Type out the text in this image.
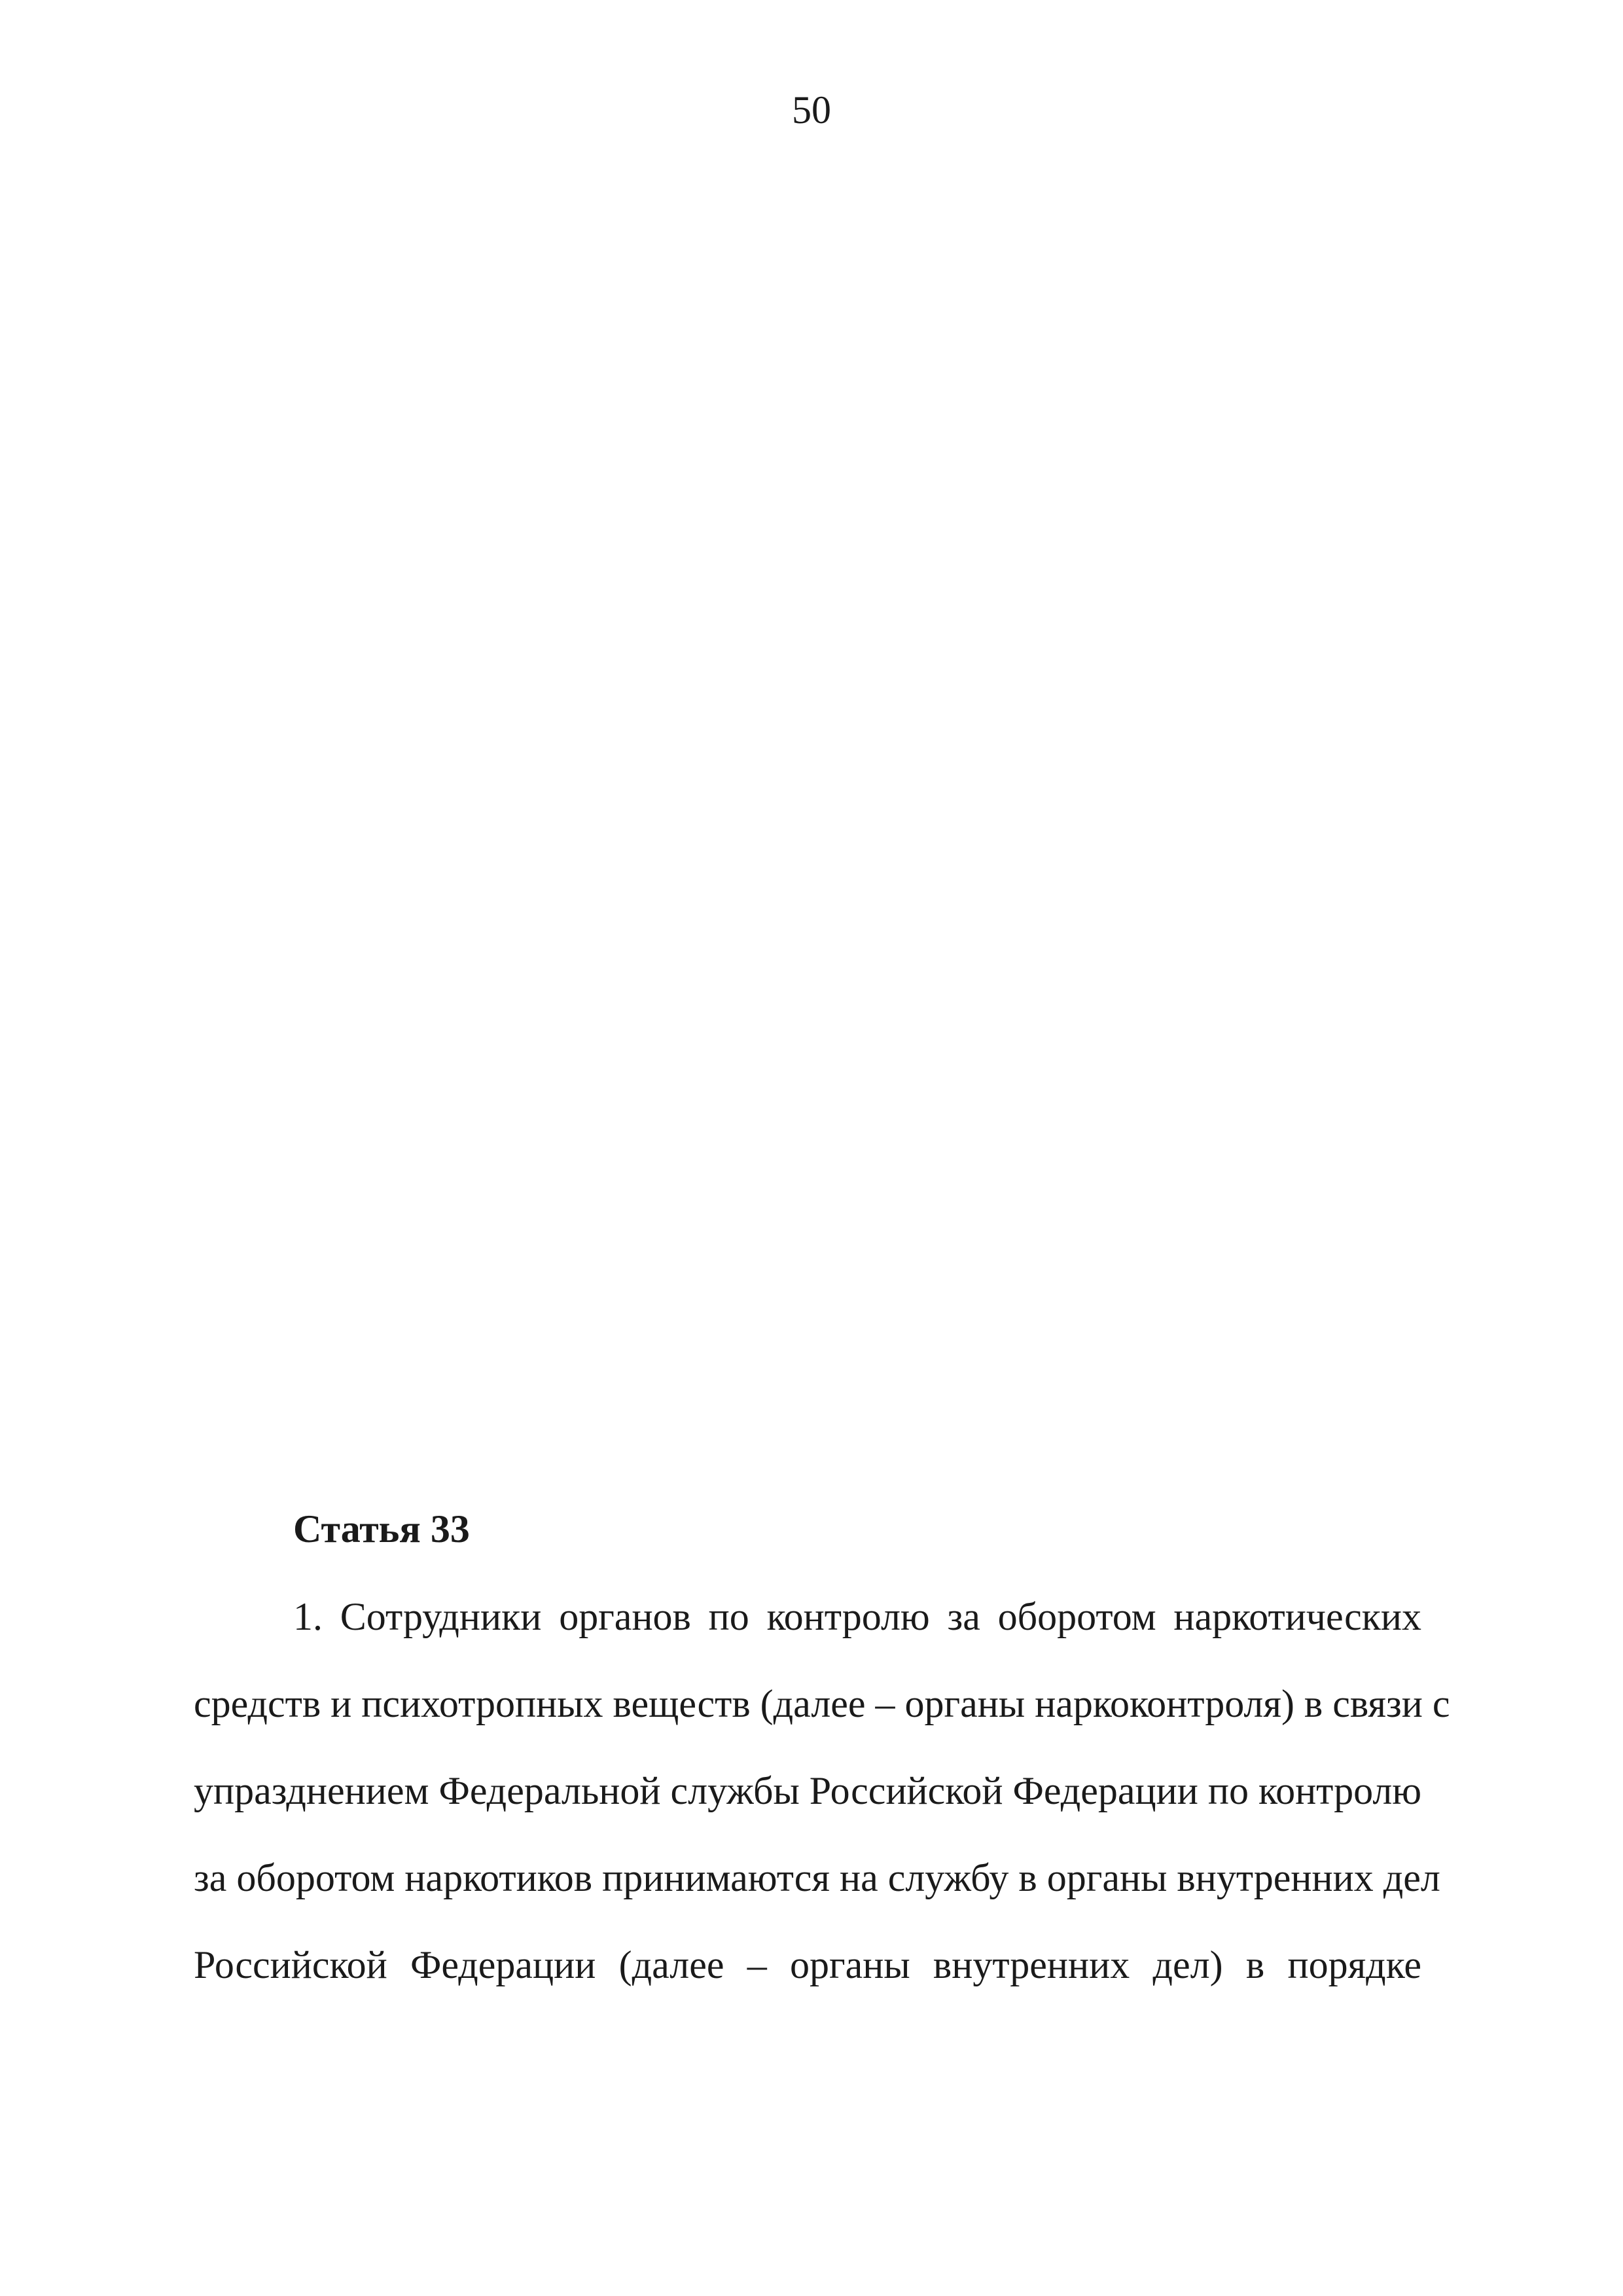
50
Статья 33
1. Сотрудники органов по контролю за оборотом наркотических
средств и психотропных веществ (далее – органы наркоконтроля) в связи с
упразднением Федеральной службы Российской Федерации по контролю
за оборотом наркотиков принимаются на службу в органы внутренних дел
Российской Федерации (далее – органы внутренних дел) в порядке
